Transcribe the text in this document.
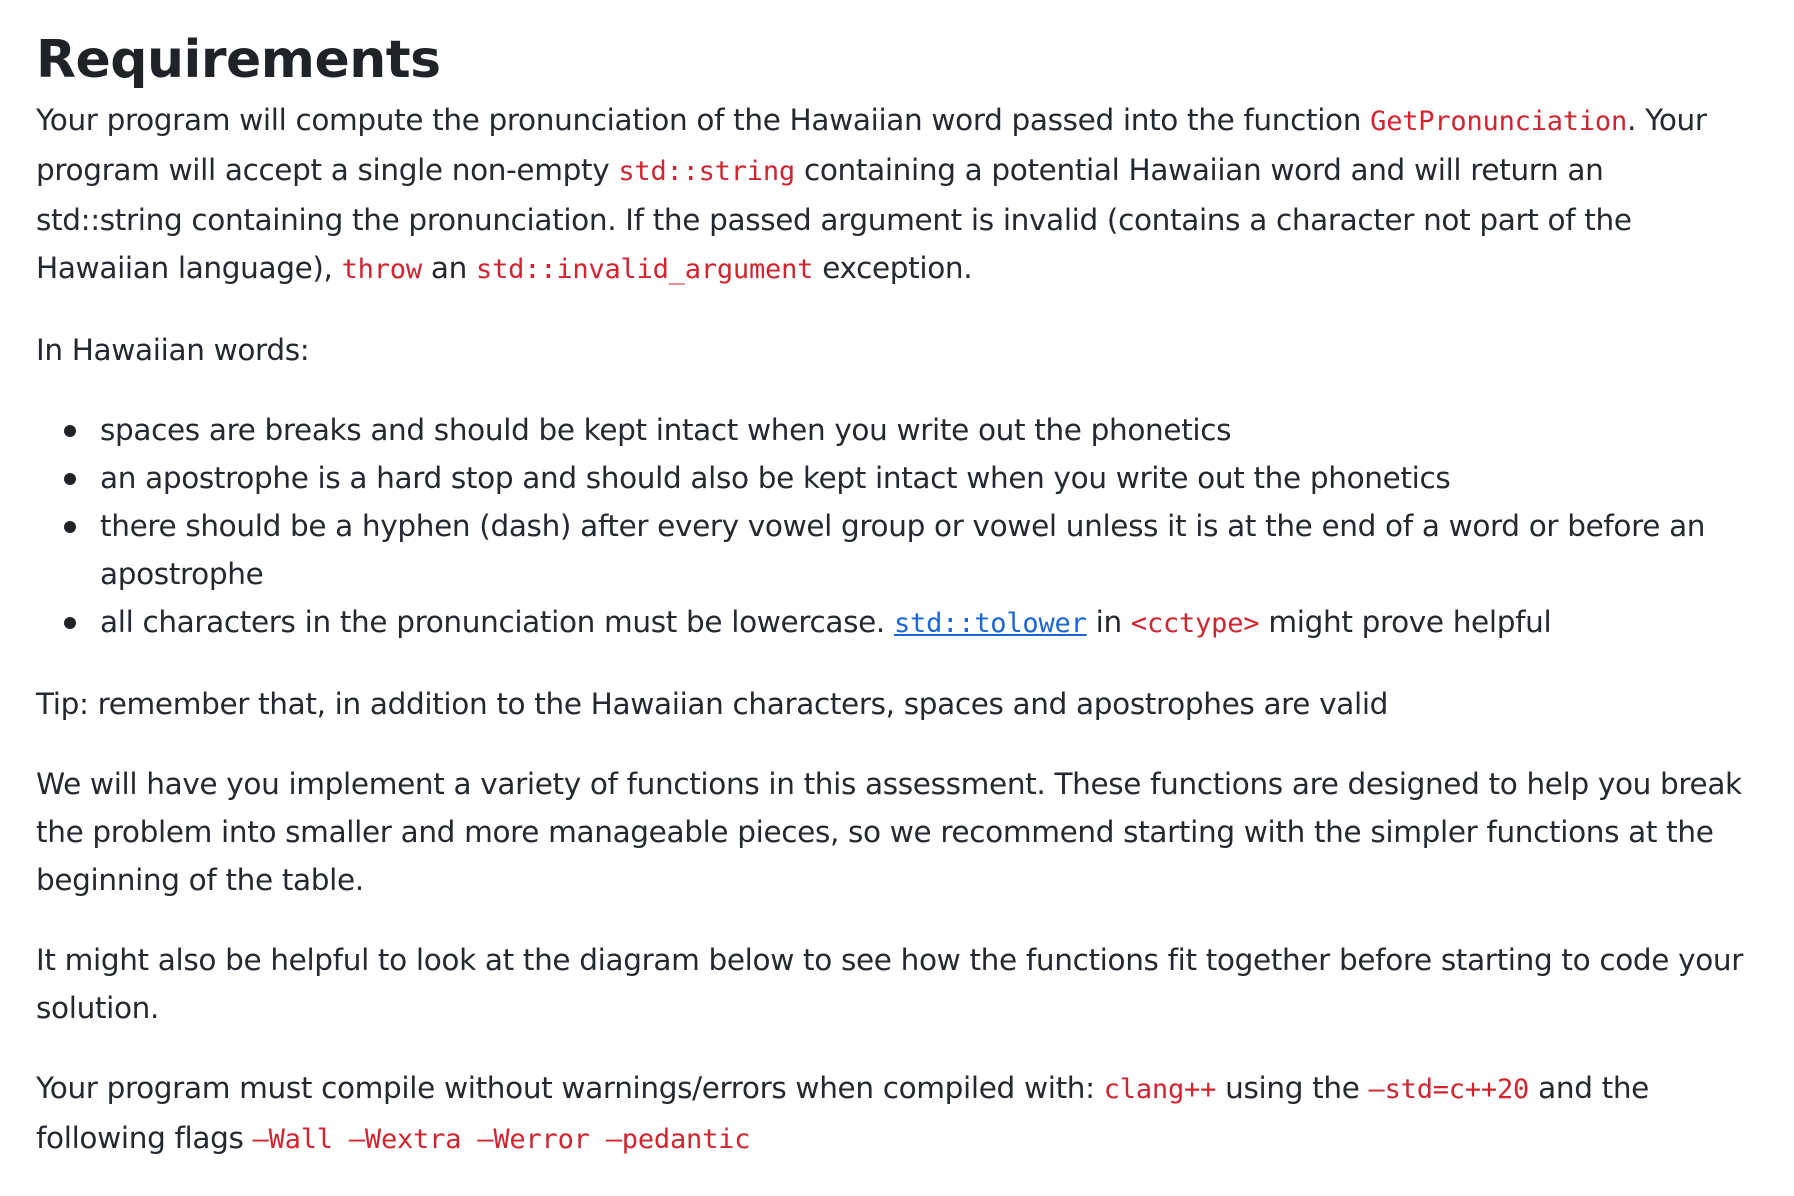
Requirements

Your program will compute the pronunciation of the Hawaiian word passed into the function GetPronunciation. Your program will accept a single non-empty std::string containing a potential Hawaiian word and will return an std::string containing the pronunciation. If the passed argument is invalid (contains a character not part of the Hawaiian language), throw an std::invalid_argument exception.

In Hawaiian words:

spaces are breaks and should be kept intact when you write out the phonetics
an apostrophe is a hard stop and should also be kept intact when you write out the phonetics
there should be a hyphen (dash) after every vowel group or vowel unless it is at the end of a word or before an apostrophe
all characters in the pronunciation must be lowercase. std::tolower in <cctype> might prove helpful

Tip: remember that, in addition to the Hawaiian characters, spaces and apostrophes are valid

We will have you implement a variety of functions in this assessment. These functions are designed to help you break the problem into smaller and more manageable pieces, so we recommend starting with the simpler functions at the beginning of the table.

It might also be helpful to look at the diagram below to see how the functions fit together before starting to code your solution.

Your program must compile without warnings/errors when compiled with: clang++ using the –std=c++20 and the following flags –Wall –Wextra –Werror –pedantic
